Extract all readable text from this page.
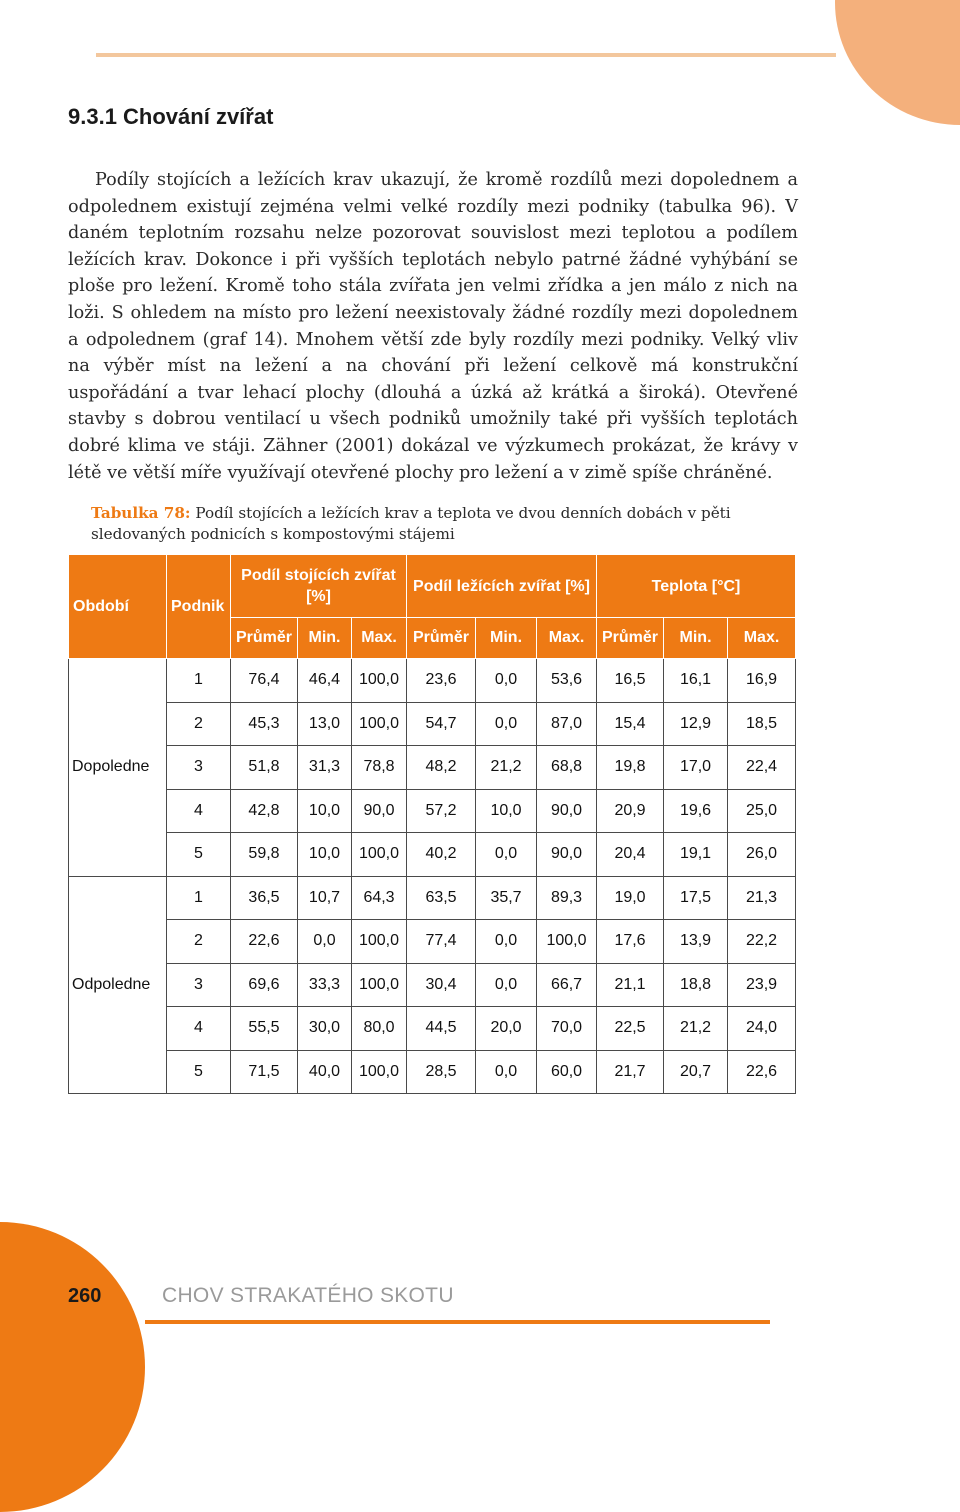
9.3.1 Chování zvířat

Podíly stojících a ležících krav ukazují, že kromě rozdílů mezi dopolednem a odpolednem existují zejména velmi velké rozdíly mezi podniky (tabulka 96). V daném teplotním rozsahu nelze pozorovat souvislost mezi teplotou a podílem ležících krav. Dokonce i při vyšších teplotách nebylo patrné žádné vyhýbání se ploše pro ležení. Kromě toho stála zvířata jen velmi zřídka a jen málo z nich na loži. S ohledem na místo pro ležení neexistovaly žádné rozdíly mezi dopolednem a odpolednem (graf 14). Mnohem větší zde byly rozdíly mezi podniky. Velký vliv na výběr míst na ležení a na chování při ležení celkově má konstrukční uspořádání a tvar lehací plochy (dlouhá a úzká až krátká a široká). Otevřené stavby s dobrou ventilací u všech podniků umožnily také při vyšších teplotách dobré klima ve stáji. Zähner (2001) dokázal ve výzkumech prokázat, že krávy v létě ve větší míře využívají otevřené plochy pro ležení a v zimě spíše chráněné.

Tabulka 78: Podíl stojících a ležících krav a teplota ve dvou denních dobách v pěti sledovaných podnicích s kompostovými stájemi

Období	Podnik	Podíl stojících zvířat [%]			Podíl ležících zvířat [%]			Teplota [°C]		
		Průměr	Min.	Max.	Průměr	Min.	Max.	Průměr	Min.	Max.
Dopoledne	1	76,4	46,4	100,0	23,6	0,0	53,6	16,5	16,1	16,9
	2	45,3	13,0	100,0	54,7	0,0	87,0	15,4	12,9	18,5
	3	51,8	31,3	78,8	48,2	21,2	68,8	19,8	17,0	22,4
	4	42,8	10,0	90,0	57,2	10,0	90,0	20,9	19,6	25,0
	5	59,8	10,0	100,0	40,2	0,0	90,0	20,4	19,1	26,0
Odpoledne	1	36,5	10,7	64,3	63,5	35,7	89,3	19,0	17,5	21,3
	2	22,6	0,0	100,0	77,4	0,0	100,0	17,6	13,9	22,2
	3	69,6	33,3	100,0	30,4	0,0	66,7	21,1	18,8	23,9
	4	55,5	30,0	80,0	44,5	20,0	70,0	22,5	21,2	24,0
	5	71,5	40,0	100,0	28,5	0,0	60,0	21,7	20,7	22,6

260	CHOV STRAKATÉHO SKOTU
